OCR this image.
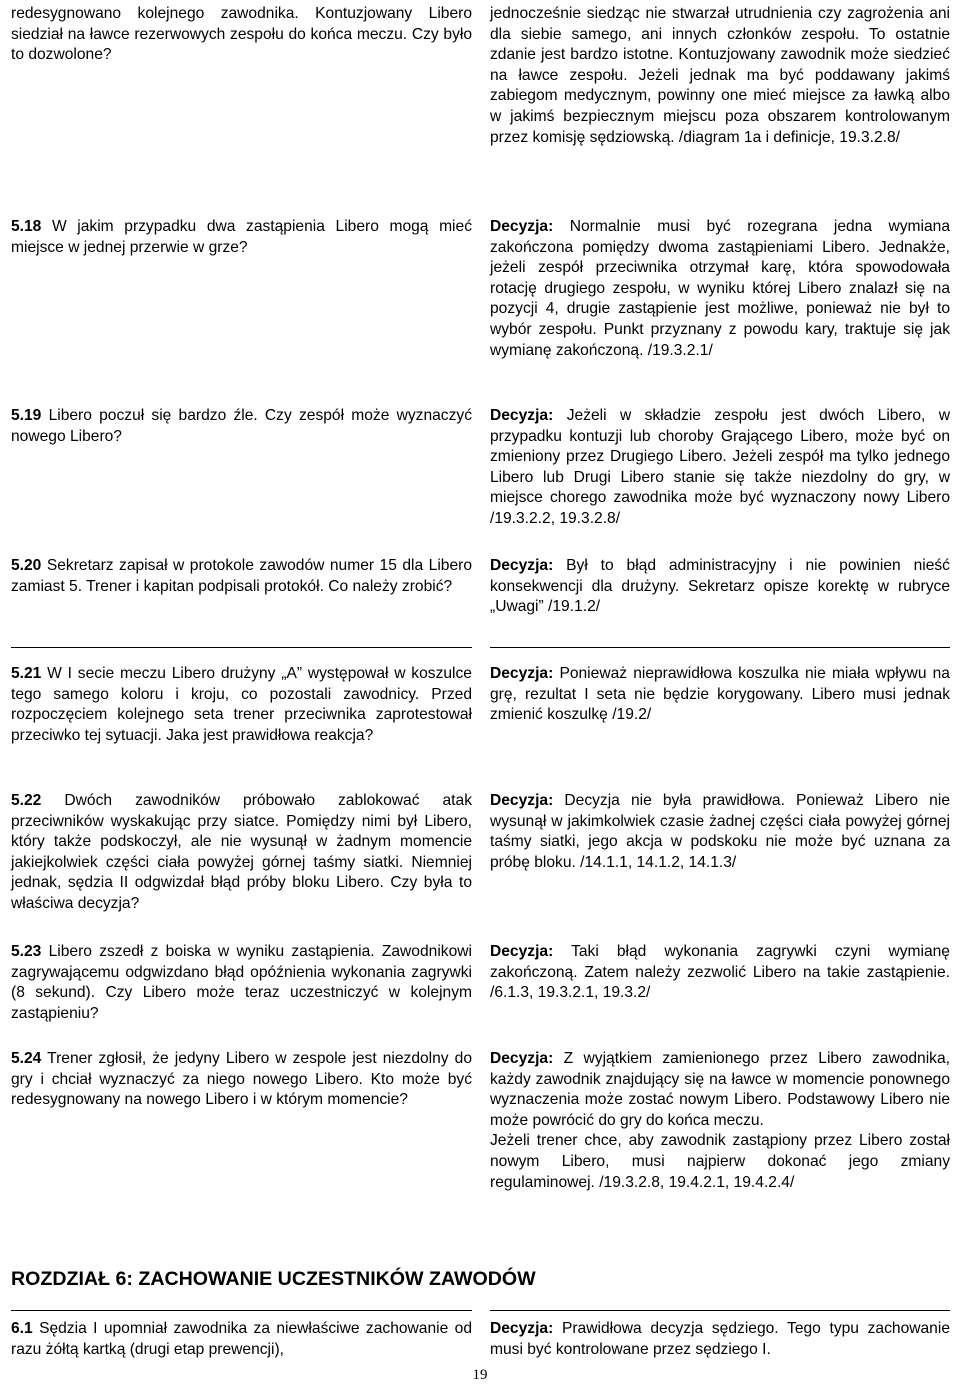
redesygnowano kolejnego zawodnika. Kontuzjowany Libero siedział na ławce rezerwowych zespołu do końca meczu. Czy było to dozwolone?

jednocześnie siedząc nie stwarzał utrudnienia czy zagrożenia ani dla siebie samego, ani innych członków zespołu. To ostatnie zdanie jest bardzo istotne. Kontuzjowany zawodnik może siedzieć na ławce zespołu. Jeżeli jednak ma być poddawany jakimś zabiegom medycznym, powinny one mieć miejsce za ławką albo w jakimś bezpiecznym miejscu poza obszarem kontrolowanym przez komisję sędziowską. /diagram 1a i definicje, 19.3.2.8/

5.18 W jakim przypadku dwa zastąpienia Libero mogą mieć miejsce w jednej przerwie w grze?

Decyzja: Normalnie musi być rozegrana jedna wymiana zakończona pomiędzy dwoma zastąpieniami Libero. Jednakże, jeżeli zespół przeciwnika otrzymał karę, która spowodowała rotację drugiego zespołu, w wyniku której Libero znalazł się na pozycji 4, drugie zastąpienie jest możliwe, ponieważ nie był to wybór zespołu. Punkt przyznany z powodu kary, traktuje się jak wymianę zakończoną. /19.3.2.1/

5.19 Libero poczuł się bardzo źle. Czy zespół może wyznaczyć nowego Libero?

Decyzja: Jeżeli w składzie zespołu jest dwóch Libero, w przypadku kontuzji lub choroby Grającego Libero, może być on zmieniony przez Drugiego Libero. Jeżeli zespół ma tylko jednego Libero lub Drugi Libero stanie się także niezdolny do gry, w miejsce chorego zawodnika może być wyznaczony nowy Libero /19.3.2.2, 19.3.2.8/

5.20 Sekretarz zapisał w protokole zawodów numer 15 dla Libero zamiast 5. Trener i kapitan podpisali protokół. Co należy zrobić?

Decyzja: Był to błąd administracyjny i nie powinien nieść konsekwencji dla drużyny. Sekretarz opisze korektę w rubryce „Uwagi” /19.1.2/

5.21 W I secie meczu Libero drużyny „A” występował w koszulce tego samego koloru i kroju, co pozostali zawodnicy. Przed rozpoczęciem kolejnego seta trener przeciwnika zaprotestował przeciwko tej sytuacji. Jaka jest prawidłowa reakcja?

Decyzja: Ponieważ nieprawidłowa koszulka nie miała wpływu na grę, rezultat I seta nie będzie korygowany. Libero musi jednak zmienić koszulkę /19.2/

5.22 Dwóch zawodników próbowało zablokować atak przeciwników wyskakując przy siatce. Pomiędzy nimi był Libero, który także podskoczył, ale nie wysunął w żadnym momencie jakiejkolwiek części ciała powyżej górnej taśmy siatki. Niemniej jednak, sędzia II odgwizdał błąd próby bloku Libero. Czy była to właściwa decyzja?

Decyzja: Decyzja nie była prawidłowa. Ponieważ Libero nie wysunął w jakimkolwiek czasie żadnej części ciała powyżej górnej taśmy siatki, jego akcja w podskoku nie może być uznana za próbę bloku. /14.1.1, 14.1.2, 14.1.3/

5.23 Libero zszedł z boiska w wyniku zastąpienia. Zawodnikowi zagrywającemu odgwizdano błąd opóźnienia wykonania zagrywki (8 sekund). Czy Libero może teraz uczestniczyć w kolejnym zastąpieniu?

Decyzja: Taki błąd wykonania zagrywki czyni wymianę zakończoną. Zatem należy zezwolić Libero na takie zastąpienie. /6.1.3, 19.3.2.1, 19.3.2/

5.24 Trener zgłosił, że jedyny Libero w zespole jest niezdolny do gry i chciał wyznaczyć za niego nowego Libero. Kto może być redesygnowany na nowego Libero i w którym momencie?

Decyzja: Z wyjątkiem zamienionego przez Libero zawodnika, każdy zawodnik znajdujący się na ławce w momencie ponownego wyznaczenia może zostać nowym Libero. Podstawowy Libero nie może powrócić do gry do końca meczu.
Jeżeli trener chce, aby zawodnik zastąpiony przez Libero został nowym Libero, musi najpierw dokonać jego zmiany regulaminowej. /19.3.2.8, 19.4.2.1, 19.4.2.4/
ROZDZIAŁ 6: ZACHOWANIE UCZESTNIKÓW ZAWODÓW

6.1 Sędzia I upomniał zawodnika za niewłaściwe zachowanie od razu żółtą kartką (drugi etap prewencji),

Decyzja: Prawidłowa decyzja sędziego. Tego typu zachowanie musi być kontrolowane przez sędziego I.

19
